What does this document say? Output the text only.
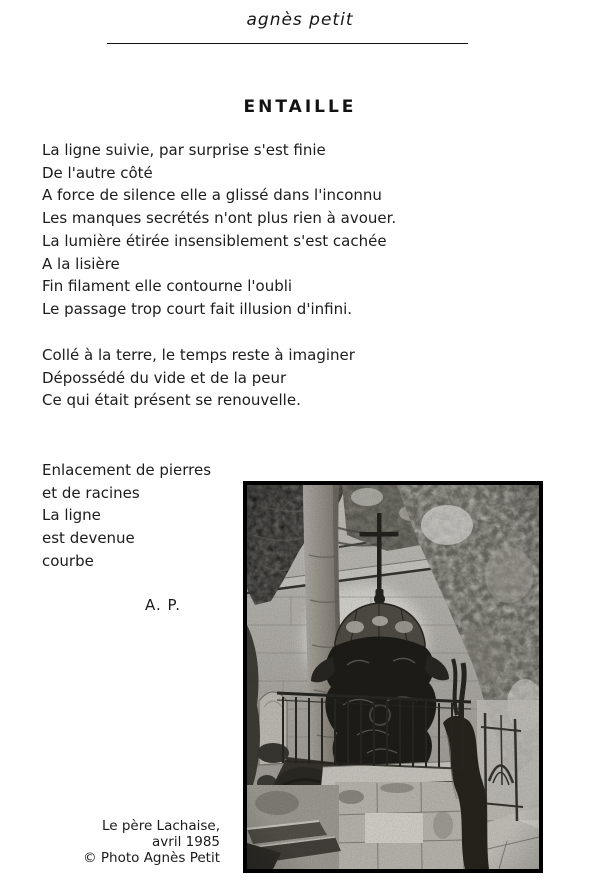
agnès petit
ENTAILLE
La ligne suivie, par surprise s'est finie
De l'autre côté
A force de silence elle a glissé dans l'inconnu
Les manques secrétés n'ont plus rien à avouer.
La lumière étirée insensiblement s'est cachée
A la lisière
Fin filament elle contourne l'oubli
Le passage trop court fait illusion d'infini.
Collé à la terre, le temps reste à imaginer
Dépossédé du vide et de la peur
Ce qui était présent se renouvelle.
Enlacement de pierres
et de racines
La ligne
est devenue
courbe
A. P.
Le père Lachaise,
avril 1985
© Photo Agnès Petit
